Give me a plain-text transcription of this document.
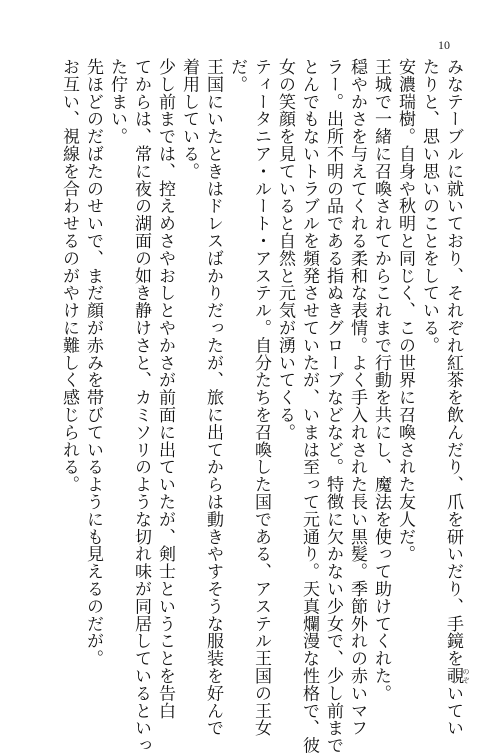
10
みなテーブルに就いており、それぞれ紅茶を飲んだり、爪を研いだり、手鏡を覗 のぞいてい
たりと、思い思いのことをしている。
安濃瑞樹。自身や秋明と同じく、この世界に召喚された友人だ。
王城で一緒に召喚されてからこれまで行動を共にし、魔法を使って助けてくれた。
穏やかさを与えてくれる柔和な表情。よく手入れされた長い黒髪。季節外れの赤いマフ
ラー。出所不明の品である指ぬきグローブなどなど。特徴に欠かない少女で、少し前まで
とんでもないトラブルを頻発させていたが、いまは至って元通り。天真爛漫な性格で、彼
女の笑顔を見ていると自然と元気が湧いてくる。
ティータニア・ルート・アステル。自分たちを召喚した国である、アステル王国の王女
だ。
王国にいたときはドレスばかりだったが、旅に出てからは動きやすそうな服装を好んで
着用している。
少し前までは、控えめさやおしとやかさが前面に出ていたが、剣士ということを告白
てからは、常に夜の湖面の如き静けさと、カミソリのような切れ味が同居しているといっ
た佇まい。
先ほどのだばたのせいで、まだ顔が赤みを帯びているようにも見えるのだが。
お互い、視線を合わせるのがやけに難しく感じられる。
